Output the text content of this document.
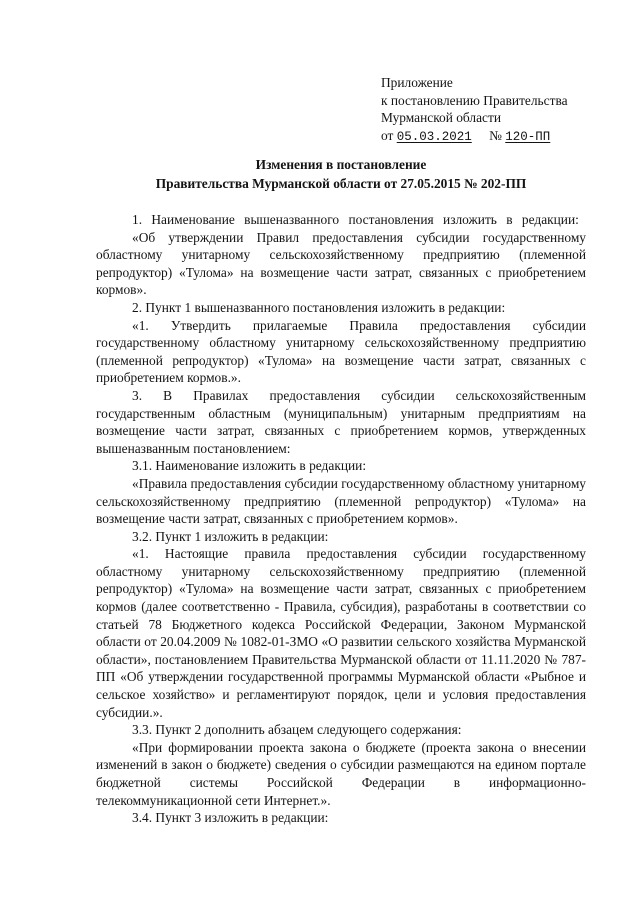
Приложение
к постановлению Правительства
Мурманской области
от 05.03.2021 № 120-ПП
Изменения в постановление
Правительства Мурманской области от 27.05.2015 № 202-ПП

1. Наименование вышеназванного постановления изложить в редакции:

«Об утверждении Правил предоставления субсидии государственному областному унитарному сельскохозяйственному предприятию (племенной репродуктор) «Тулома» на возмещение части затрат, связанных с приобретением кормов».

2. Пункт 1 вышеназванного постановления изложить в редакции:

«1. Утвердить прилагаемые Правила предоставления субсидии государственному областному унитарному сельскохозяйственному предприятию (племенной репродуктор) «Тулома» на возмещение части затрат, связанных с приобретением кормов.».

3. В Правилах предоставления субсидии сельскохозяйственным государственным областным (муниципальным) унитарным предприятиям на возмещение части затрат, связанных с приобретением кормов, утвержденных вышеназванным постановлением:

3.1. Наименование изложить в редакции:

«Правила предоставления субсидии государственному областному унитарному сельскохозяйственному предприятию (племенной репродуктор) «Тулома» на возмещение части затрат, связанных с приобретением кормов».

3.2. Пункт 1 изложить в редакции:

«1. Настоящие правила предоставления субсидии государственному областному унитарному сельскохозяйственному предприятию (племенной репродуктор) «Тулома» на возмещение части затрат, связанных с приобретением кормов (далее соответственно - Правила, субсидия), разработаны в соответствии со статьей 78 Бюджетного кодекса Российской Федерации, Законом Мурманской области от 20.04.2009 № 1082-01-ЗМО «О развитии сельского хозяйства Мурманской области», постановлением Правительства Мурманской области от 11.11.2020 № 787-ПП «Об утверждении государственной программы Мурманской области «Рыбное и сельское хозяйство» и регламентируют порядок, цели и условия предоставления субсидии.».

3.3. Пункт 2 дополнить абзацем следующего содержания:

«При формировании проекта закона о бюджете (проекта закона о внесении изменений в закон о бюджете) сведения о субсидии размещаются на едином портале бюджетной системы Российской Федерации в информационно-телекоммуникационной сети Интернет.».

3.4. Пункт 3 изложить в редакции:
